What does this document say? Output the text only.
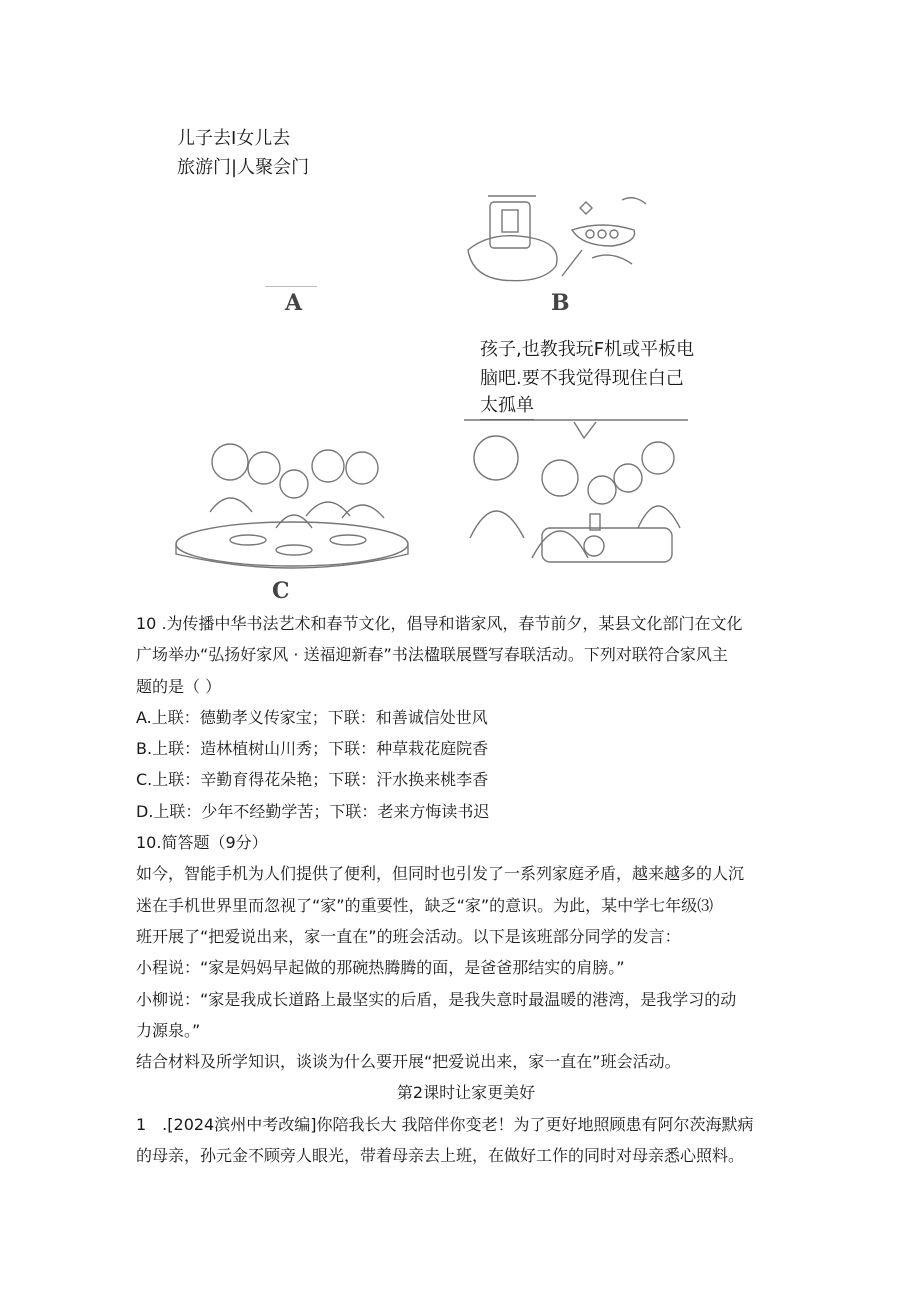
儿子去I女儿去
旅游门|人聚会门
A	B
孩子,也教我玩F机或平板电
脑吧.要不我觉得现住白己
太孤单
C

10 .为传播中华书法艺术和春节文化，倡导和谐家风，春节前夕，某县文化部门在文化

广场举办“弘扬好家风 · 送福迎新春”书法楹联展暨写春联活动。下列对联符合家风主

题的是（ ）

A.上联：德勤孝义传家宝；下联：和善诚信处世风

B.上联：造林植树山川秀；下联：种草栽花庭院香

C.上联：辛勤育得花朵艳；下联：汗水换来桃李香

D.上联：少年不经勤学苦；下联：老来方悔读书迟

10.简答题（9分）

如今，智能手机为人们提供了便利，但同时也引发了一系列家庭矛盾，越来越多的人沉

迷在手机世界里而忽视了“家”的重要性，缺乏“家”的意识。为此，某中学七年级⑶

班开展了“把爱说出来，家一直在”的班会活动。以下是该班部分同学的发言：

小程说：“家是妈妈早起做的那碗热腾腾的面，是爸爸那结实的肩膀。”

小柳说：“家是我成长道路上最坚实的后盾，是我失意时最温暖的港湾，是我学习的动

力源泉。”

结合材料及所学知识，谈谈为什么要开展“把爱说出来，家一直在”班会活动。

第2课时让家更美好

1　.[2024滨州中考改编]你陪我长大 我陪伴你变老！为了更好地照顾患有阿尔茨海默病

的母亲，孙元金不顾旁人眼光，带着母亲去上班，在做好工作的同时对母亲悉心照料。
